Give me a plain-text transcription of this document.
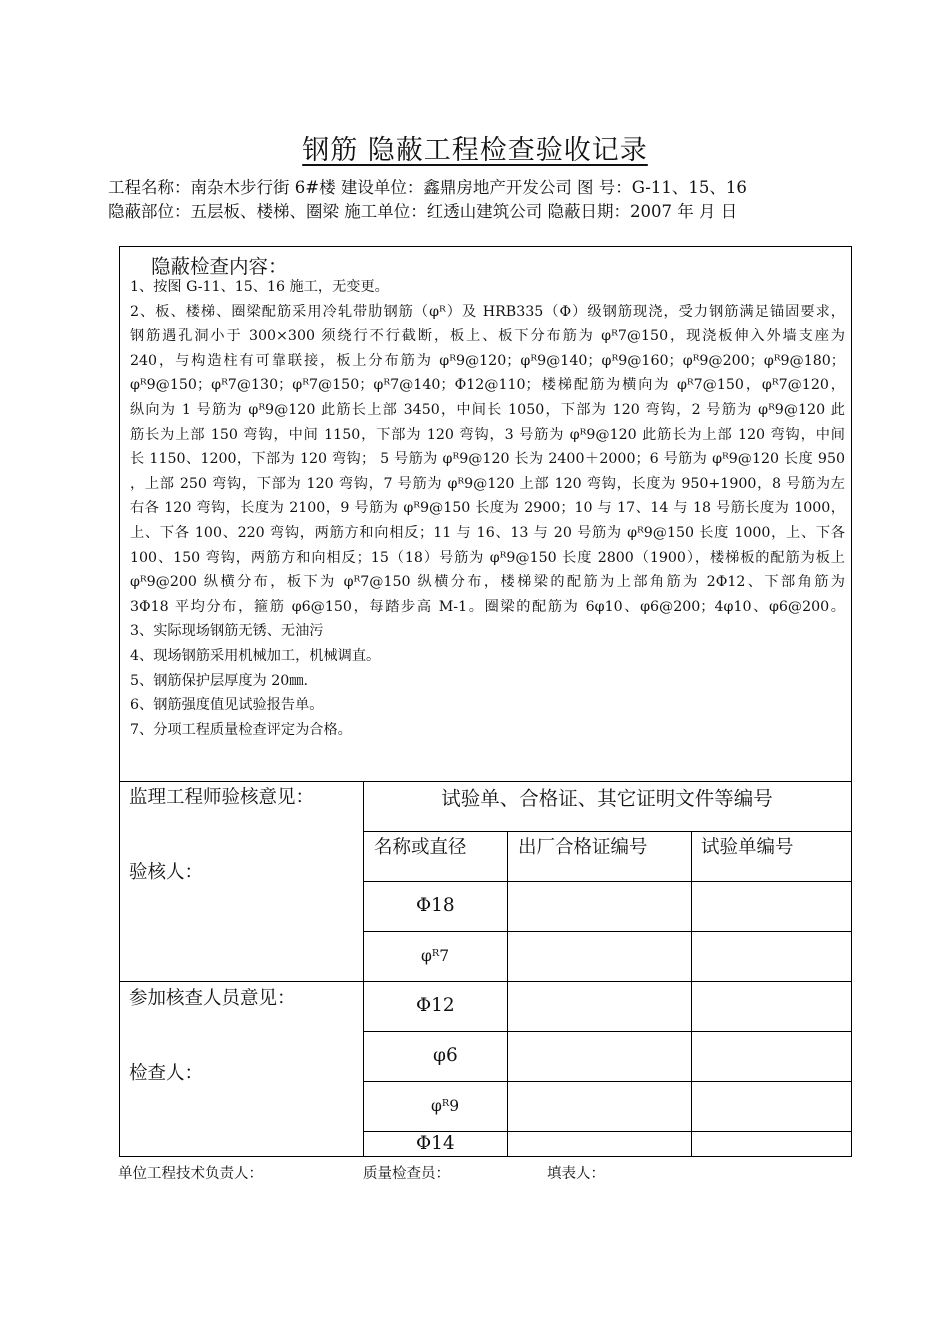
钢筋 隐蔽工程检查验收记录
工程名称：南杂木步行街 6#楼 建设单位：鑫鼎房地产开发公司 图 号：G-11、15、16
隐蔽部位：五层板、楼梯、圈梁 施工单位：红透山建筑公司 隐蔽日期：2007 年 月 日
隐蔽检查内容：

1、按图 G-11、15、16 施工，无变更。

2、板、楼梯、圈梁配筋采用冷轧带肋钢筋（φᴿ）及 HRB335（Φ）级钢筋现浇，受力钢筋满足锚固要求，

钢筋遇孔洞小于 300×300 须绕行不行截断，板上、板下分布筋为 φᴿ7@150，现浇板伸入外墙支座为

240，与构造柱有可靠联接，板上分布筋为 φᴿ9@120；φᴿ9@140；φᴿ9@160；φᴿ9@200；φᴿ9@180；

φᴿ9@150；φᴿ7@130；φᴿ7@150；φᴿ7@140；Φ12@110；楼梯配筋为横向为 φᴿ7@150，φᴿ7@120，

纵向为 1 号筋为 φᴿ9@120 此筋长上部 3450，中间长 1050，下部为 120 弯钩，2 号筋为 φᴿ9@120 此

筋长为上部 150 弯钩，中间 1150，下部为 120 弯钩，3 号筋为 φᴿ9@120 此筋长为上部 120 弯钩，中间

长 1150、1200，下部为 120 弯钩； 5 号筋为 φᴿ9@120 长为 2400＋2000；6 号筋为 φᴿ9@120 长度 950

，上部 250 弯钩，下部为 120 弯钩，7 号筋为 φᴿ9@120 上部 120 弯钩，长度为 950+1900，8 号筋为左

右各 120 弯钩，长度为 2100，9 号筋为 φᴿ9@150 长度为 2900；10 与 17、14 与 18 号筋长度为 1000，

上、下各 100、220 弯钩，两筋方和向相反；11 与 16、13 与 20 号筋为 φᴿ9@150 长度 1000，上、下各

100、150 弯钩，两筋方和向相反；15（18）号筋为 φᴿ9@150 长度 2800（1900），楼梯板的配筋为板上

φᴿ9@200 纵横分布，板下为 φᴿ7@150 纵横分布，楼梯梁的配筋为上部角筋为 2Φ12、下部角筋为

3Φ18 平均分布，箍筋 φ6@150，每踏步高 M-1。圈梁的配筋为 6φ10、φ6@200；4φ10、φ6@200。

3、实际现场钢筋无锈、无油污

4、现场钢筋采用机械加工，机械调直。

5、钢筋保护层厚度为 20㎜.

6、钢筋强度值见试验报告单。

7、分项工程质量检查评定为合格。

监理工程师验核意见：
验核人：
参加核查人员意见：
检查人：
试验单、合格证、其它证明文件等编号
名称或直径	出厂合格证编号	试验单编号
Φ18
φᴿ7
Φ12
φ6
φᴿ9
Φ14
单位工程技术负责人：	质量检查员：	填表人：
